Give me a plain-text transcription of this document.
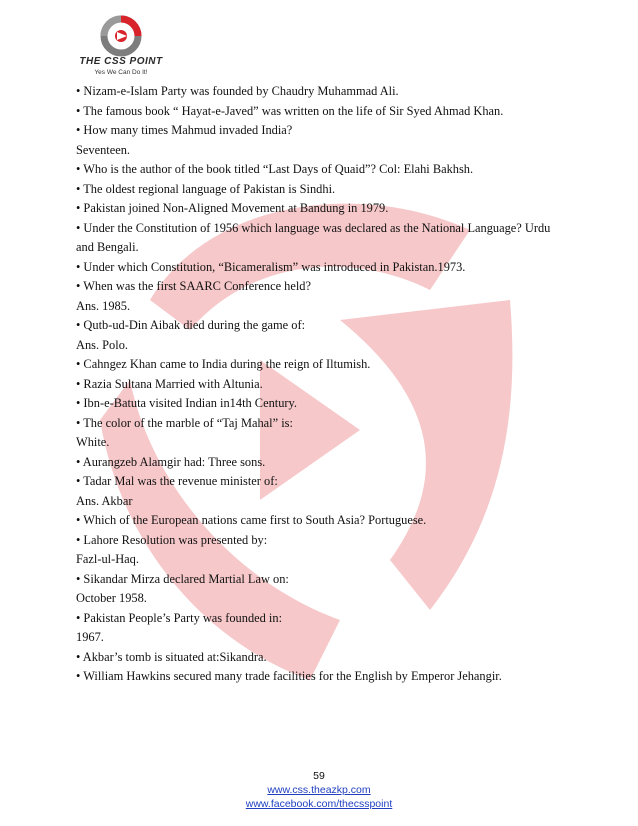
THE CSS POINT
Yes We Can Do It!
• Nizam-e-Islam Party was founded by Chaudry Muhammad Ali.
• The famous book “ Hayat-e-Javed” was written on the life of Sir Syed Ahmad Khan.
• How many times Mahmud invaded India?
Seventeen.
• Who is the author of the book titled “Last Days of Quaid”? Col: Elahi Bakhsh.
• The oldest regional language of Pakistan is Sindhi.
• Pakistan joined Non-Aligned Movement at Bandung in 1979.
• Under the Constitution of 1956 which language was declared as the National Language? Urdu
and Bengali.
• Under which Constitution, “Bicameralism” was introduced in Pakistan.1973.
• When was the first SAARC Conference held?
Ans. 1985.
• Qutb-ud-Din Aibak died during the game of:
Ans. Polo.
• Cahngez Khan came to India during the reign of Iltumish.
• Razia Sultana Married with Altunia.
• Ibn-e-Batuta visited Indian in14th Century.
• The color of the marble of “Taj Mahal” is:
White.
• Aurangzeb Alamgir had: Three sons.
• Tadar Mal was the revenue minister of:
Ans. Akbar
• Which of the European nations came first to South Asia? Portuguese.
• Lahore Resolution was presented by:
Fazl-ul-Haq.
• Sikandar Mirza declared Martial Law on:
October 1958.
• Pakistan People’s Party was founded in:
1967.
• Akbar’s tomb is situated at:Sikandra.
• William Hawkins secured many trade facilities for the English by Emperor Jehangir.
59
www.css.theazkp.com
www.facebook.com/thecsspoint
